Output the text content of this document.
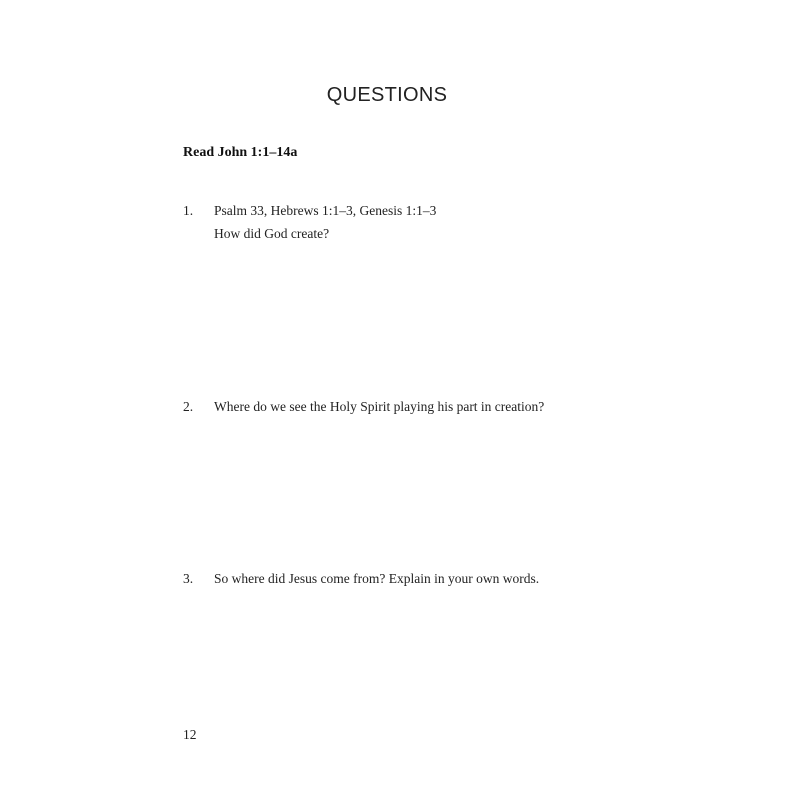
QUESTIONS

Read John 1:1–14a

1. Psalm 33, Hebrews 1:1–3, Genesis 1:1–3
How did God create?
2. Where do we see the Holy Spirit playing his part in creation?
3. So where did Jesus come from? Explain in your own words.
12
